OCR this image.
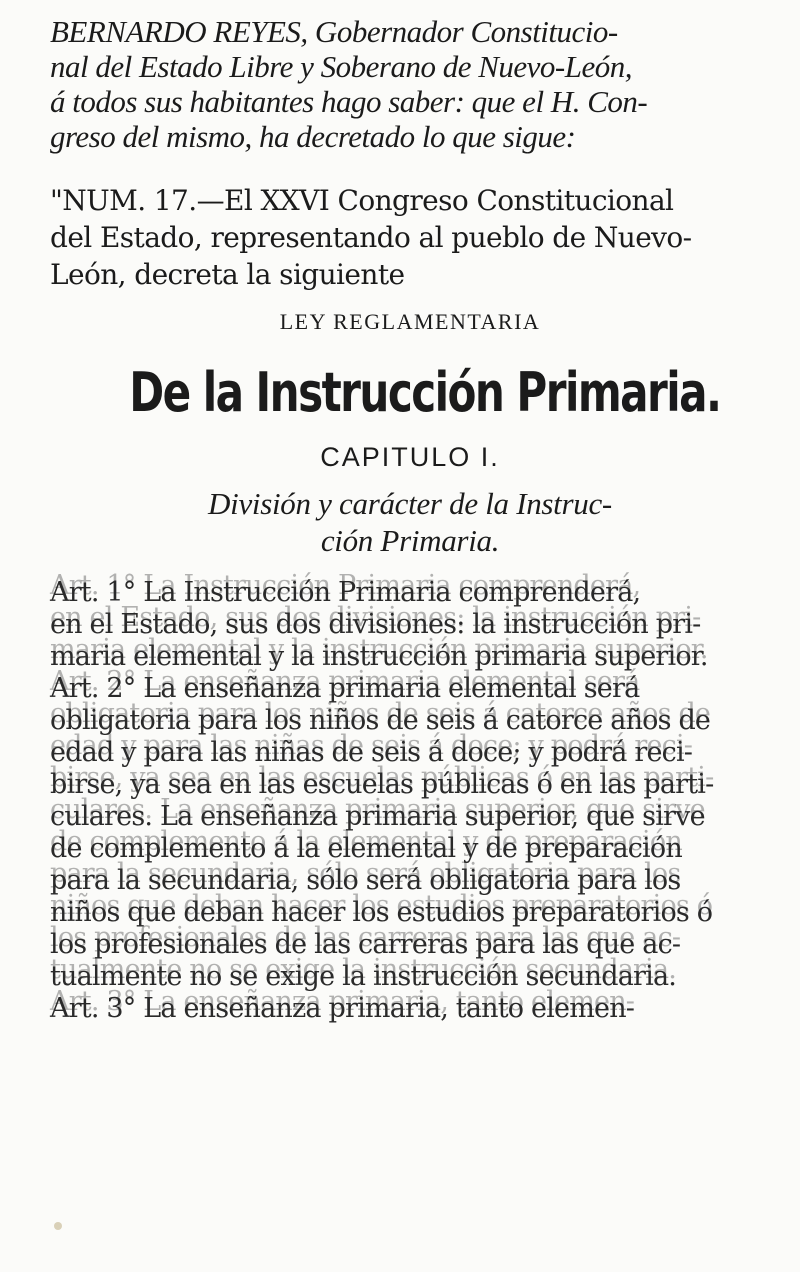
BERNARDO REYES, Gobernador Constitucio-
nal del Estado Libre y Soberano de Nuevo-León,
á todos sus habitantes hago saber: que el H. Con-
greso del mismo, ha decretado lo que sigue:
"NUM. 17.—El XXVI Congreso Constitucional
del Estado, representando al pueblo de Nuevo-
León, decreta la siguiente
LEY REGLAMENTARIA
De la Instrucción Primaria.
CAPITULO I.
División y carácter de la Instruc-
ción Primaria.
Art. 1° La Instrucción Primaria comprenderá,
en el Estado, sus dos divisiones: la instrucción pri-
maria elemental y la instrucción primaria superior.
Art. 2° La enseñanza primaria elemental será
obligatoria para los niños de seis á catorce años de
edad y para las niñas de seis á doce; y podrá reci-
birse, ya sea en las escuelas públicas ó en las parti-
culares. La enseñanza primaria superior, que sirve
de complemento á la elemental y de preparación
para la secundaria, sólo será obligatoria para los
niños que deban hacer los estudios preparatorios ó
los profesionales de las carreras para las que ac-
tualmente no se exige la instrucción secundaria.
Art. 3° La enseñanza primaria, tanto elemen-
